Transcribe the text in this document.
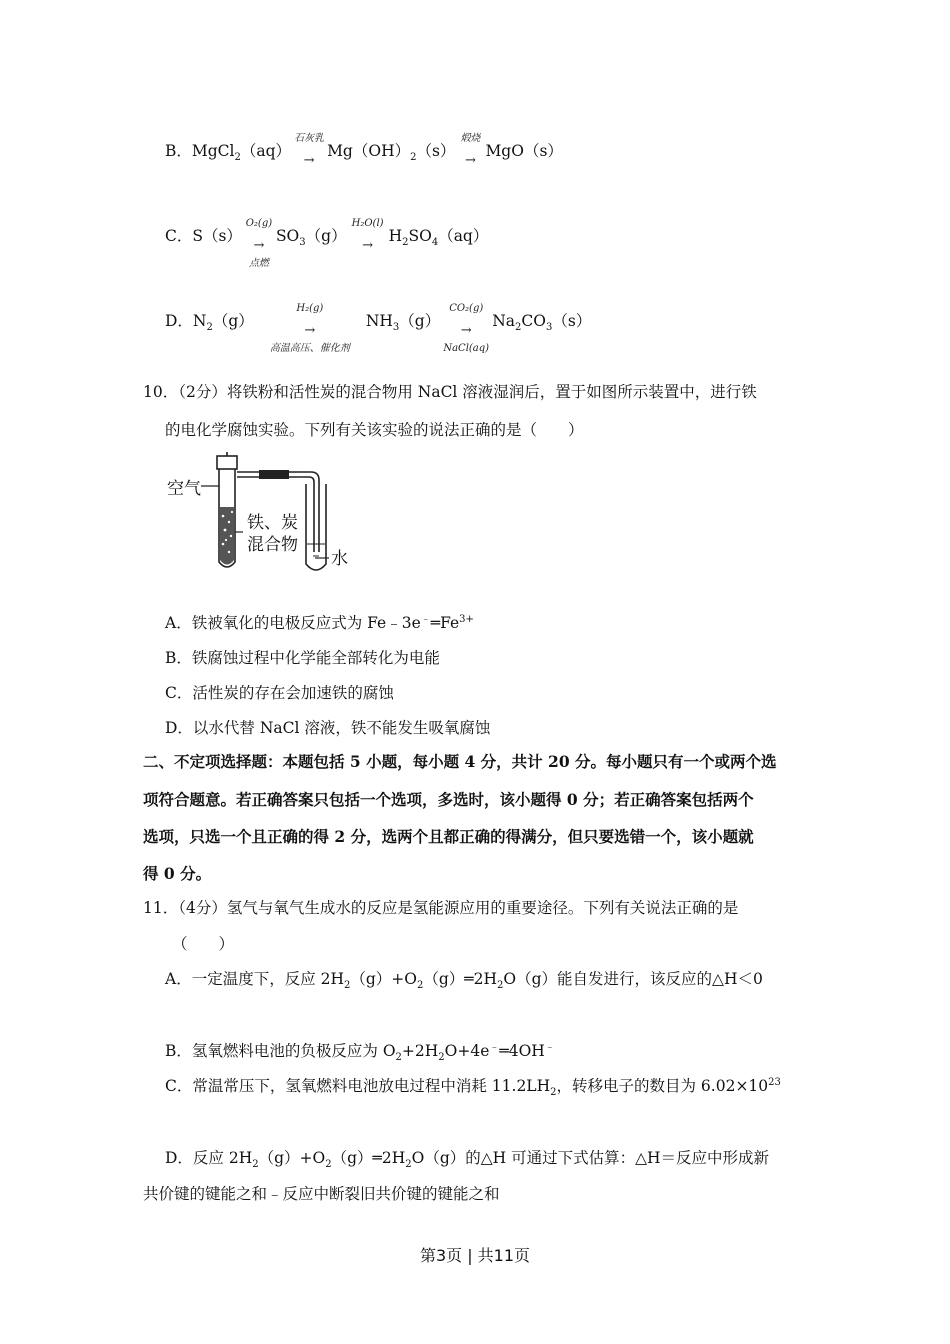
B．MgCl$_2$（aq）
石灰乳
→
$Mg(OH)_2(s)$
煅烧
→
MgO（s）
C．S（s）
O₂(g)
→
点燃
$SO_3(g)$
H₂O(l)
→
$H_2SO_4(aq)$
D．$N_2(g)$
H₂(g)
→
高温高压、催化剂
$NH_3(g)$
CO₂(g)
→
NaCl(aq)
$Na_2CO_3(s)$
10．（2分）将铁粉和活性炭的混合物用 NaCl 溶液湿润后，置于如图所示装置中，进行铁
的电化学腐蚀实验。下列有关该实验的说法正确的是（　　）
空气
铁、炭
混合物
水
A．铁被氧化的电极反应式为 $Fe﹣3e^﹣═Fe^{3+}$
B．铁腐蚀过程中化学能全部转化为电能
C．活性炭的存在会加速铁的腐蚀
D．以水代替 NaCl 溶液，铁不能发生吸氧腐蚀
二、不定项选择题：本题包括 5 小题，每小题 4 分，共计 20 分。每小题只有一个或两个选
项符合题意。若正确答案只包括一个选项，多选时，该小题得 0 分；若正确答案包括两个
选项，只选一个且正确的得 2 分，选两个且都正确的得满分，但只要选错一个，该小题就
得 0 分。
11．（4分）氢气与氧气生成水的反应是氢能源应用的重要途径。下列有关说法正确的是
（　　）
A．一定温度下，反应 $2H_2(g)+O_2(g)═2H_2O(g)$能自发进行，该反应的△H＜0
B．氢氧燃料电池的负极反应为 $O_2+2H_2O+4e^﹣═4OH^﹣$
C．常温常压下，氢氧燃料电池放电过程中消耗 $11.2LH_2$，转移电子的数目为 $6.02\times 10^{23}$
D．反应 $2H_2(g)+O_2(g)═2H_2O(g)$的△H 可通过下式估算：△H＝反应中形成新
共价键的键能之和﹣反应中断裂旧共价键的键能之和
第3页 | 共11页
